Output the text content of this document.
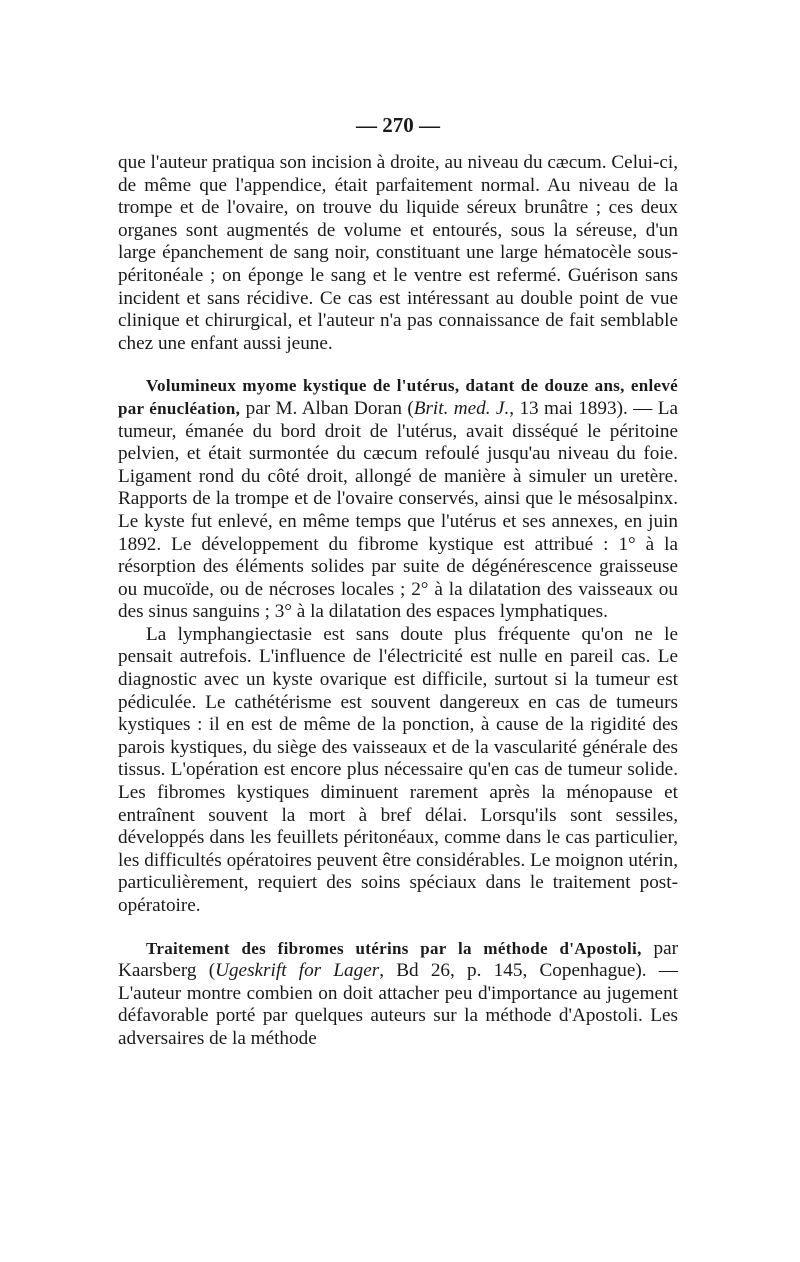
— 270 —

que l'auteur pratiqua son incision à droite, au niveau du cæcum. Celui-ci, de même que l'appendice, était parfaitement normal. Au niveau de la trompe et de l'ovaire, on trouve du liquide séreux brunâtre ; ces deux organes sont augmentés de volume et entourés, sous la séreuse, d'un large épanchement de sang noir, constituant une large hématocèle sous-péritonéale ; on éponge le sang et le ventre est refermé. Guérison sans incident et sans récidive. Ce cas est intéressant au double point de vue clinique et chirurgical, et l'auteur n'a pas connaissance de fait semblable chez une enfant aussi jeune.

Volumineux myome kystique de l'utérus, datant de douze ans, enlevé par énucléation, par M. Alban Doran (Brit. med. J., 13 mai 1893). — La tumeur, émanée du bord droit de l'utérus, avait disséqué le péritoine pelvien, et était surmontée du cæcum refoulé jusqu'au niveau du foie. Ligament rond du côté droit, allongé de manière à simuler un uretère. Rapports de la trompe et de l'ovaire conservés, ainsi que le mésosalpinx. Le kyste fut enlevé, en même temps que l'utérus et ses annexes, en juin 1892. Le développement du fibrome kystique est attribué : 1° à la résorption des éléments solides par suite de dégénérescence graisseuse ou mucoïde, ou de nécroses locales ; 2° à la dilatation des vaisseaux ou des sinus sanguins ; 3° à la dilatation des espaces lymphatiques.

La lymphangiectasie est sans doute plus fréquente qu'on ne le pensait autrefois. L'influence de l'électricité est nulle en pareil cas. Le diagnostic avec un kyste ovarique est difficile, surtout si la tumeur est pédiculée. Le cathétérisme est souvent dangereux en cas de tumeurs kystiques : il en est de même de la ponction, à cause de la rigidité des parois kystiques, du siège des vaisseaux et de la vascularité générale des tissus. L'opération est encore plus nécessaire qu'en cas de tumeur solide. Les fibromes kystiques diminuent rarement après la ménopause et entraînent souvent la mort à bref délai. Lorsqu'ils sont sessiles, développés dans les feuillets péritonéaux, comme dans le cas particulier, les difficultés opératoires peuvent être considérables. Le moignon utérin, particulièrement, requiert des soins spéciaux dans le traitement post-opératoire.

Traitement des fibromes utérins par la méthode d'Apostoli, par Kaarsberg (Ugeskrift for Lager, Bd 26, p. 145, Copenhague). — L'auteur montre combien on doit attacher peu d'importance au jugement défavorable porté par quelques auteurs sur la méthode d'Apostoli. Les adversaires de la méthode
